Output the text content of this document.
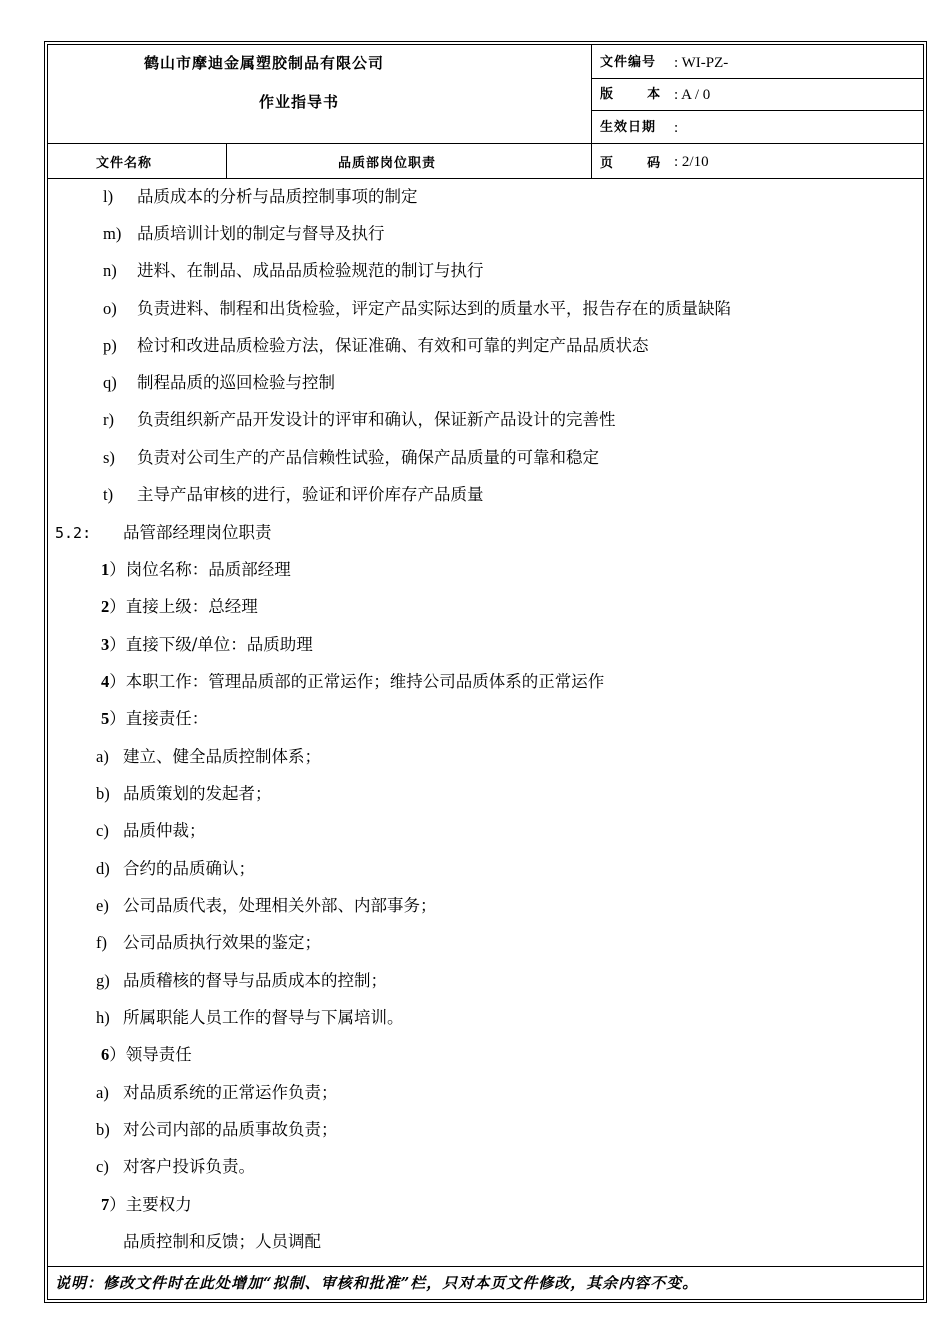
鹤山市摩迪金属塑胶制品有限公司
作业指导书
文件编号 : WI-PZ-
版      本 : A / 0
生效日期 :
文件名称	品质部岗位职责	页      码 : 2/10
l) 品质成本的分析与品质控制事项的制定
m) 品质培训计划的制定与督导及执行
n) 进料、在制品、成品品质检验规范的制订与执行
o) 负责进料、制程和出货检验，评定产品实际达到的质量水平，报告存在的质量缺陷
p) 检讨和改进品质检验方法，保证准确、有效和可靠的判定产品品质状态
q) 制程品质的巡回检验与控制
r) 负责组织新产品开发设计的评审和确认，保证新产品设计的完善性
s) 负责对公司生产的产品信赖性试验，确保产品质量的可靠和稳定
t) 主导产品审核的进行，验证和评价库存产品质量
5.2: 品管部经理岗位职责
1）岗位名称：品质部经理
2）直接上级：总经理
3）直接下级/单位：品质助理
4）本职工作：管理品质部的正常运作；维持公司品质体系的正常运作
5）直接责任：
a) 建立、健全品质控制体系；
b) 品质策划的发起者；
c) 品质仲裁；
d) 合约的品质确认；
e) 公司品质代表，处理相关外部、内部事务；
f) 公司品质执行效果的鉴定；
g) 品质稽核的督导与品质成本的控制；
h) 所属职能人员工作的督导与下属培训。
6）领导责任
a) 对品质系统的正常运作负责；
b) 对公司内部的品质事故负责；
c) 对客户投诉负责。
7）主要权力
品质控制和反馈；人员调配
说明：修改文件时在此处增加“拟制、审核和批准”栏，只对本页文件修改，其余内容不变。
